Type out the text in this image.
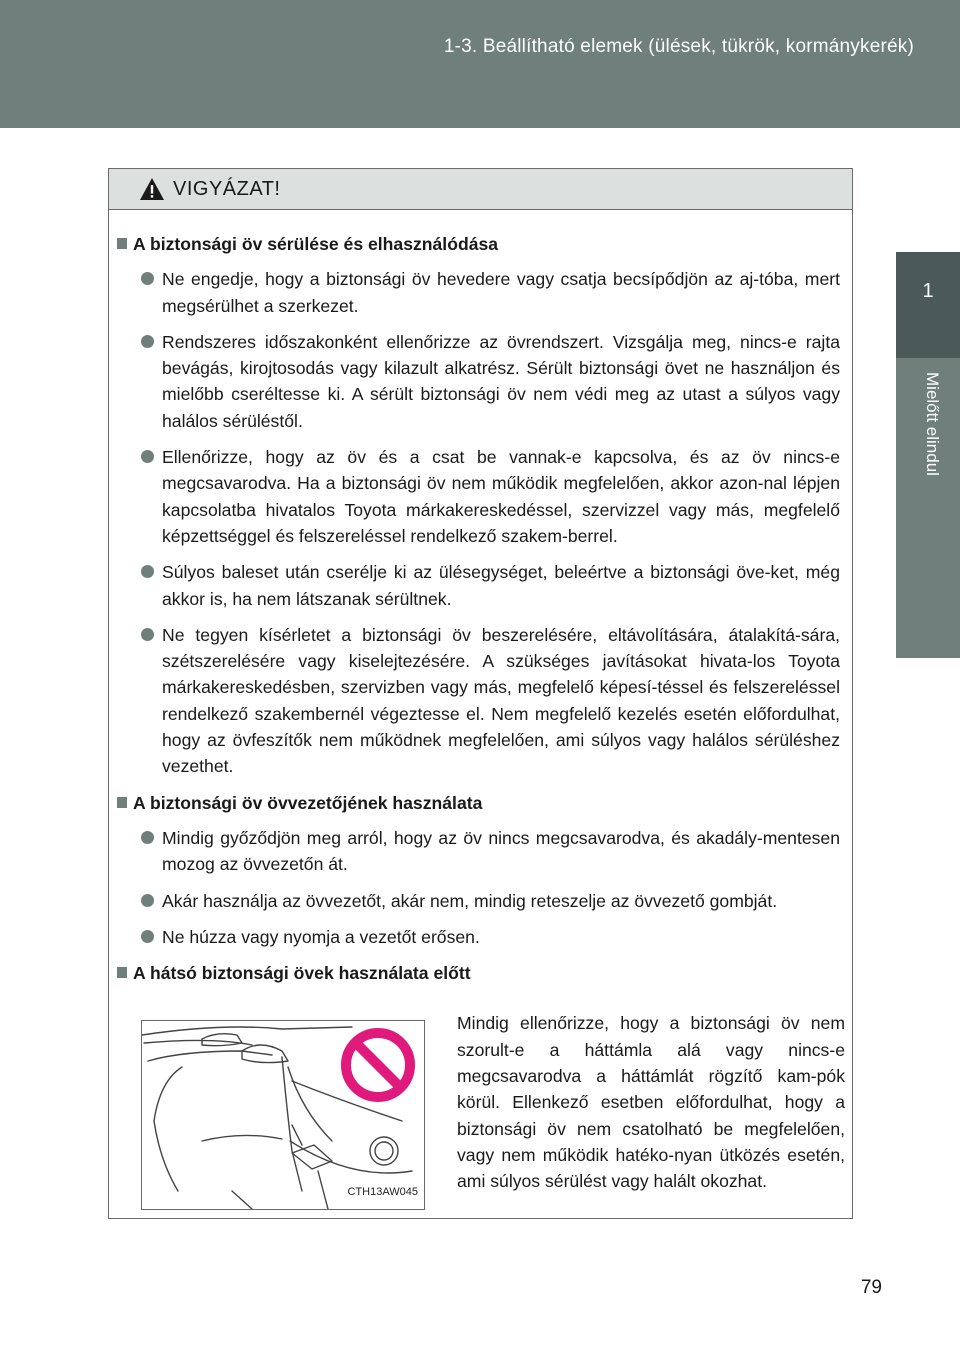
1-3. Beállítható elemek (ülések, tükrök, kormánykerék)
1
Mielőtt elindul
VIGYÁZAT!
A biztonsági öv sérülése és elhasználódása
Ne engedje, hogy a biztonsági öv hevedere vagy csatja becsípődjön az aj-tóba, mert megsérülhet a szerkezet.
Rendszeres időszakonként ellenőrizze az övrendszert. Vizsgálja meg, nincs-e rajta bevágás, kirojtosodás vagy kilazult alkatrész. Sérült biztonsági övet ne használjon és mielőbb cseréltesse ki. A sérült biztonsági öv nem védi meg az utast a súlyos vagy halálos sérüléstől.
Ellenőrizze, hogy az öv és a csat be vannak-e kapcsolva, és az öv nincs-e megcsavarodva. Ha a biztonsági öv nem működik megfelelően, akkor azon-nal lépjen kapcsolatba hivatalos Toyota márkakereskedéssel, szervizzel vagy más, megfelelő képzettséggel és felszereléssel rendelkező szakem-berrel.
Súlyos baleset után cserélje ki az ülésegységet, beleértve a biztonsági öve-ket, még akkor is, ha nem látszanak sérültnek.
Ne tegyen kísérletet a biztonsági öv beszerelésére, eltávolítására, átalakítá-sára, szétszerelésére vagy kiselejtezésére. A szükséges javításokat hivata-los Toyota márkakereskedésben, szervizben vagy más, megfelelő képesí-téssel és felszereléssel rendelkező szakembernél végeztesse el. Nem megfelelő kezelés esetén előfordulhat, hogy az övfeszítők nem működnek megfelelően, ami súlyos vagy halálos sérüléshez vezethet.
A biztonsági öv övvezetőjének használata
Mindig győződjön meg arról, hogy az öv nincs megcsavarodva, és akadály-mentesen mozog az övvezetőn át.
Akár használja az övvezetőt, akár nem, mindig reteszelje az övvezető gombját.
Ne húzza vagy nyomja a vezetőt erősen.
A hátsó biztonsági övek használata előtt
CTH13AW045
Mindig ellenőrizze, hogy a biztonsági öv nem szorult-e a háttámla alá vagy nincs-e megcsavarodva a háttámlát rögzítő kam-pók körül. Ellenkező esetben előfordulhat, hogy a biztonsági öv nem csatolható be megfelelően, vagy nem működik hatéko-nyan ütközés esetén, ami súlyos sérülést vagy halált okozhat.
79
